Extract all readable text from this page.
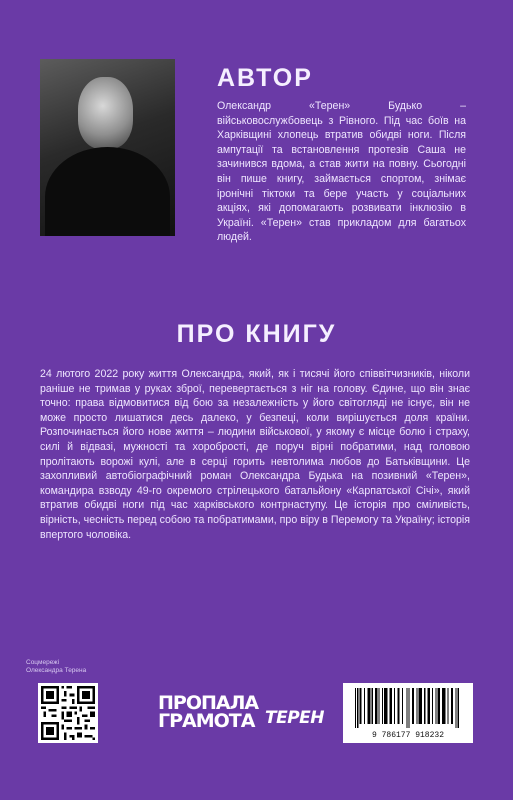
АВТОР
Олександр «Терен» Будько – військовослужбовець з Рівного. Під час боїв на Харківщині хлопець втратив обидві ноги. Після ампутації та встановлення протезів Саша не зачинився вдома, а став жити на повну. Сьогодні він пише книгу, займається спортом, знімає іронічні тіктоки та бере участь у соціальних акціях, які допомагають розвивати інклюзію в Україні. «Терен» став прикладом для багатьох людей.
ПРО КНИГУ
24 лютого 2022 року життя Олександра, який, як і тисячі його співвітчизників, ніколи раніше не тримав у руках зброї, перевертається з ніг на голову. Єдине, що він знає точно: права відмовитися від бою за незалежність у його світогляді не існує, він не може просто лишатися десь далеко, у безпеці, коли вирішується доля країни. Розпочинається його нове життя – людини військової, у якому є місце болю і страху, силі й відвазі, мужності та хоробрості, де поруч вірні побратими, над головою пролітають ворожі кулі, але в серці горить невтолима любов до Батьківщини. Це захопливий автобіографічний роман Олександра Будька на позивний «Терен», командира взводу 49-го окремого стрілецького батальйону «Карпатської Січі», який втратив обидві ноги під час харківського контрнаступу. Це історія про сміливість, вірність, чесність перед собою та побратимами, про віру в Перемогу та Україну; історія впертого чоловіка.
Соцмережі
Олександра Терена
ПРОПАЛА
ГРАМОТА ТЕРЕН
9 786177 918232
